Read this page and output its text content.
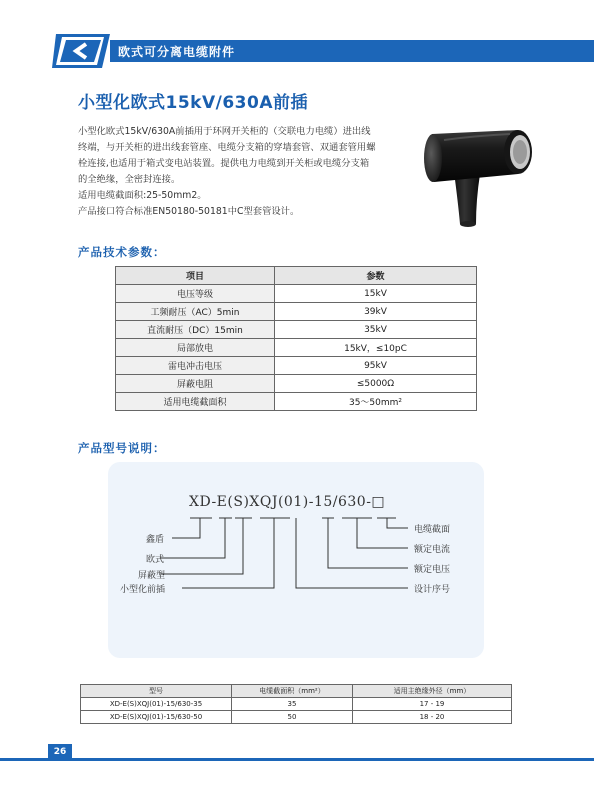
欧式可分离电缆附件
小型化欧式15kV/630A前插

小型化欧式15kV/630A前插用于环网开关柜的（交联电力电缆）进出线

终端，与开关柜的进出线套管座、电缆分支箱的穿墙套管、双通套管用螺

栓连接,也适用于箱式变电站装置。提供电力电缆到开关柜或电缆分支箱

的全绝缘，全密封连接。

适用电缆截面积:25-50mm2。

产品接口符合标准EN50180-50181中C型套管设计。

产品技术参数：
项目	参数
电压等级	15kV
工频耐压（AC）5min	39kV
直流耐压（DC）15min	35kV
局部放电	15kV，≤10pC
雷电冲击电压	95kV
屏蔽电阻	≤5000Ω
适用电缆截面积	35～50mm²
产品型号说明：
XD-E(S)XQJ(01)-15/630-□
鑫盾
欧式
屏蔽型
小型化前插
电缆截面
额定电流
额定电压
设计序号
型号	电缆截面积（mm²）	适用主绝缘外径（mm）
XD-E(S)XQJ(01)-15/630-35	35	17 - 19
XD-E(S)XQJ(01)-15/630-50	50	18 - 20
26
